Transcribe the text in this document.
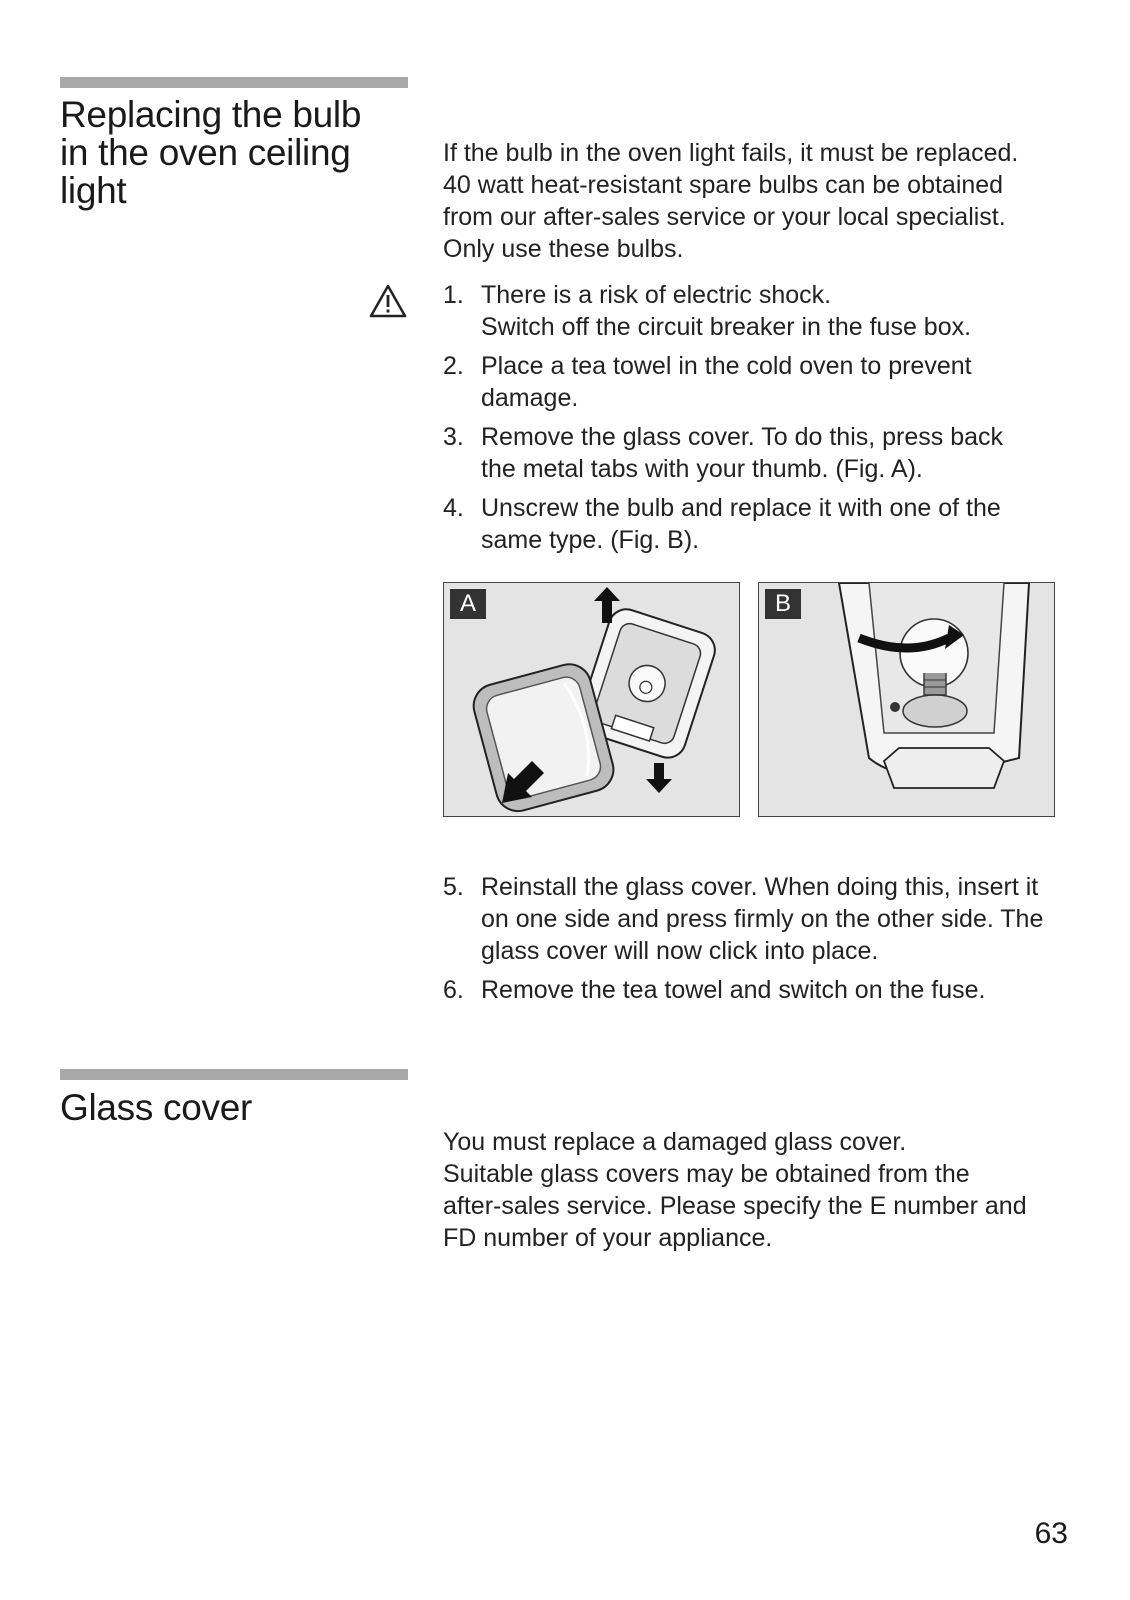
Replacing the bulb
in the oven ceiling
light

If the bulb in the oven light fails, it must be replaced.
40 watt heat-resistant spare bulbs can be obtained
from our after-sales service or your local specialist.
Only use these bulbs.

1. There is a risk of electric shock.
Switch off the circuit breaker in the fuse box.
2. Place a tea towel in the cold oven to prevent
damage.
3. Remove the glass cover. To do this, press back
the metal tabs with your thumb. (Fig. A).
4. Unscrew the bulb and replace it with one of the
same type. (Fig. B).
A	B
5. Reinstall the glass cover. When doing this, insert it
on one side and press firmly on the other side. The
glass cover will now click into place.
6. Remove the tea towel and switch on the fuse.
Glass cover

You must replace a damaged glass cover.
Suitable glass covers may be obtained from the
after-sales service. Please specify the E number and
FD number of your appliance.

63
